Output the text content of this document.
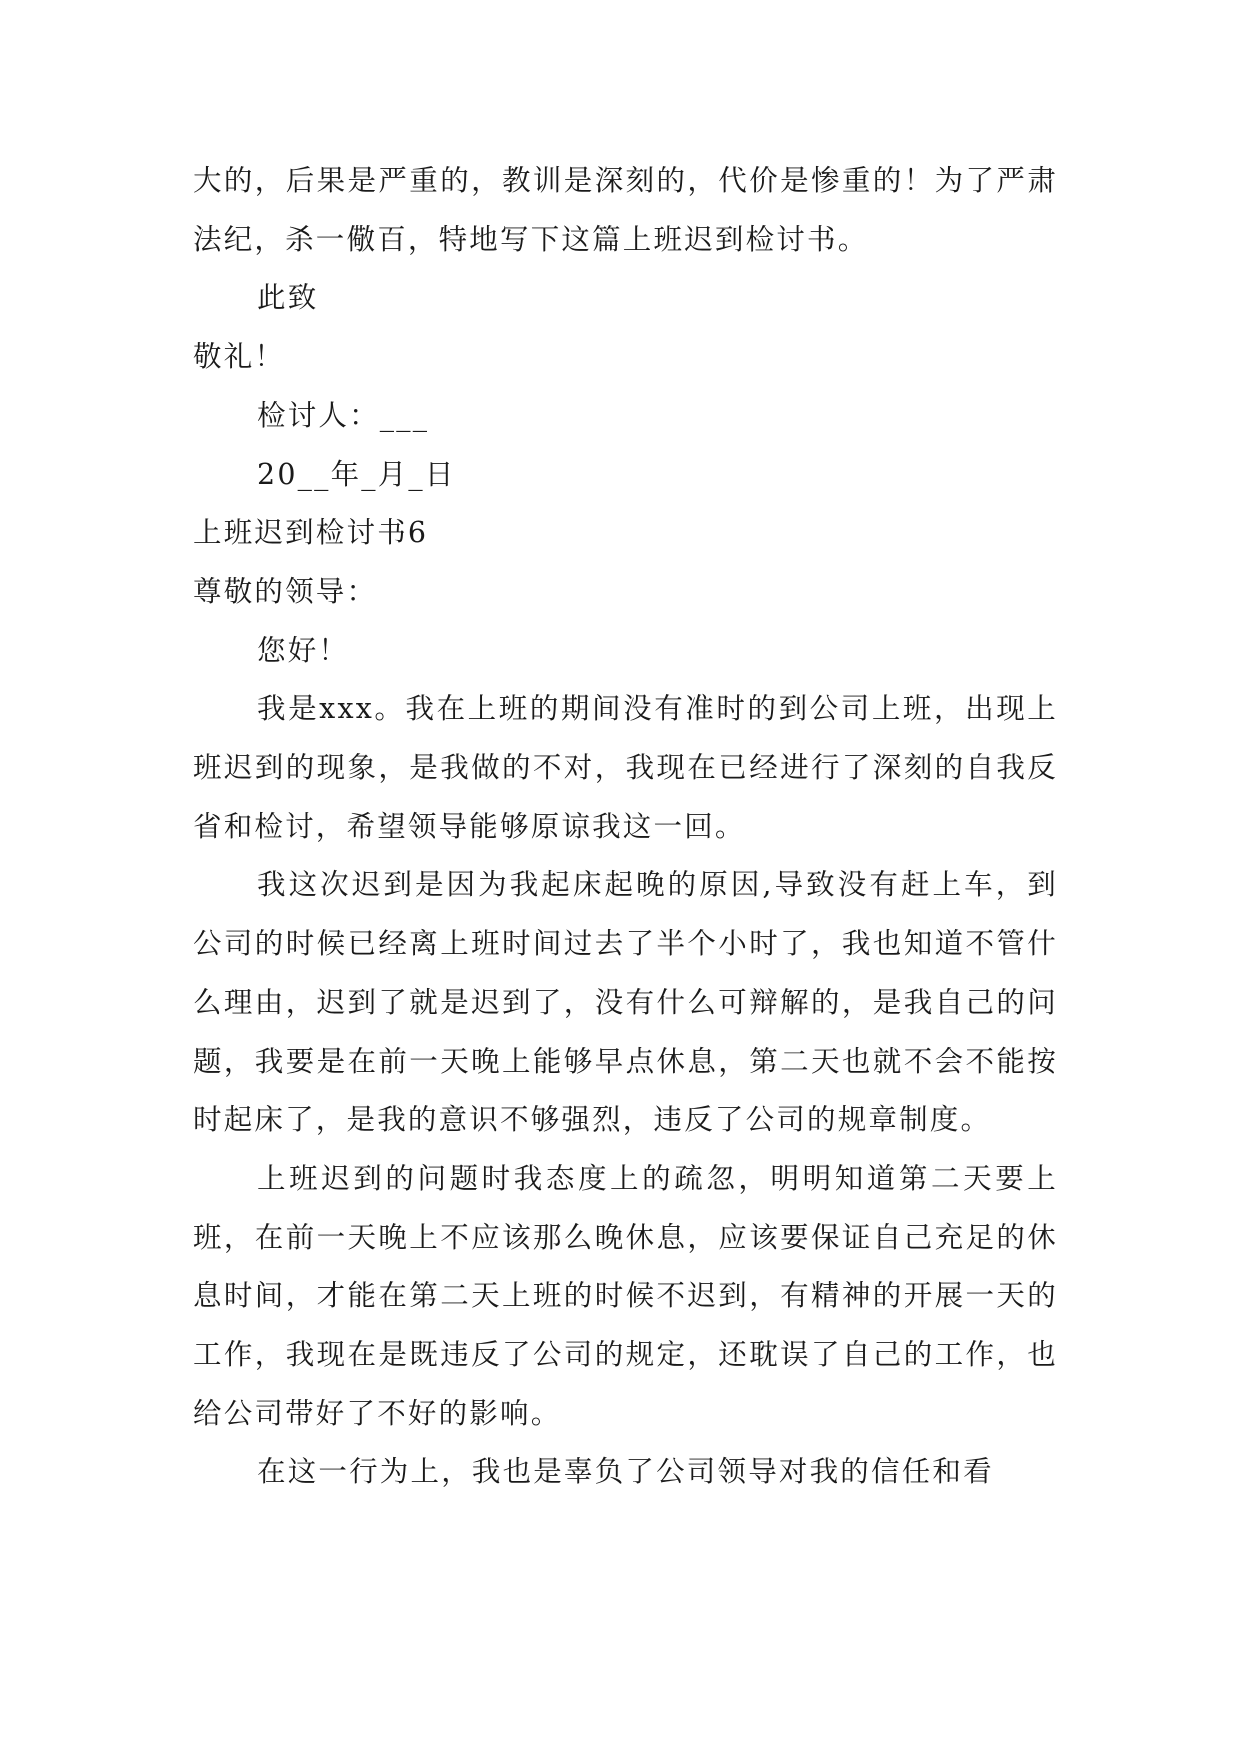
大的，后果是严重的，教训是深刻的，代价是惨重的！为了严肃法纪，杀一儆百，特地写下这篇上班迟到检讨书。

此致

敬礼！

检讨人：___

20__年_月_日

上班迟到检讨书6

尊敬的领导：

您好！

我是xxx。我在上班的期间没有准时的到公司上班，出现上班迟到的现象，是我做的不对，我现在已经进行了深刻的自我反省和检讨，希望领导能够原谅我这一回。

我这次迟到是因为我起床起晚的原因,导致没有赶上车，到公司的时候已经离上班时间过去了半个小时了，我也知道不管什么理由，迟到了就是迟到了，没有什么可辩解的，是我自己的问题，我要是在前一天晚上能够早点休息，第二天也就不会不能按时起床了，是我的意识不够强烈，违反了公司的规章制度。

上班迟到的问题时我态度上的疏忽，明明知道第二天要上班，在前一天晚上不应该那么晚休息，应该要保证自己充足的休息时间，才能在第二天上班的时候不迟到，有精神的开展一天的工作，我现在是既违反了公司的规定，还耽误了自己的工作，也给公司带好了不好的影响。

在这一行为上，我也是辜负了公司领导对我的信任和看
